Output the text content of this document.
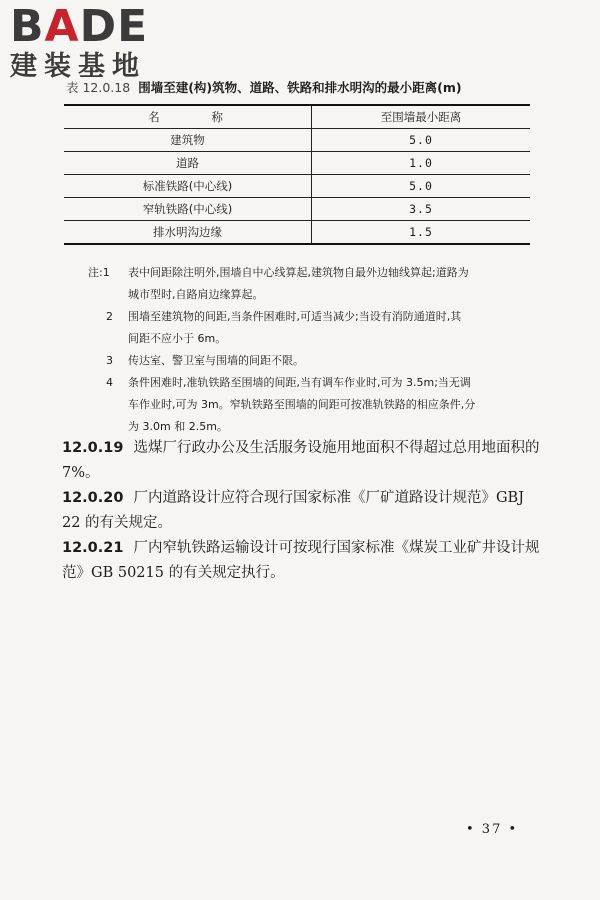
BADE
建装基地
表 12.0.18 围墙至建(构)筑物、道路、铁路和排水明沟的最小距离(m)
名 称	至围墙最小距离
建筑物	5.0
道路	1.0
标准铁路(中心线)	5.0
窄轨铁路(中心线)	3.5
排水明沟边缘	1.5
注:1	表中间距除注明外,围墙自中心线算起,建筑物自最外边轴线算起;道路为
城市型时,自路肩边缘算起。
2	围墙至建筑物的间距,当条件困难时,可适当减少;当设有消防通道时,其
间距不应小于 6m。
3	传达室、警卫室与围墙的间距不限。
4	条件困难时,准轨铁路至围墙的间距,当有调车作业时,可为 3.5m;当无调
车作业时,可为 3m。窄轨铁路至围墙的间距可按准轨铁路的相应条件,分
为 3.0m 和 2.5m。

12.0.19 选煤厂行政办公及生活服务设施用地面积不得超过总用地面积的 7%。

12.0.20 厂内道路设计应符合现行国家标准《厂矿道路设计规范》GBJ 22 的有关规定。

12.0.21 厂内窄轨铁路运输设计可按现行国家标准《煤炭工业矿井设计规范》GB 50215 的有关规定执行。

• 37 •
